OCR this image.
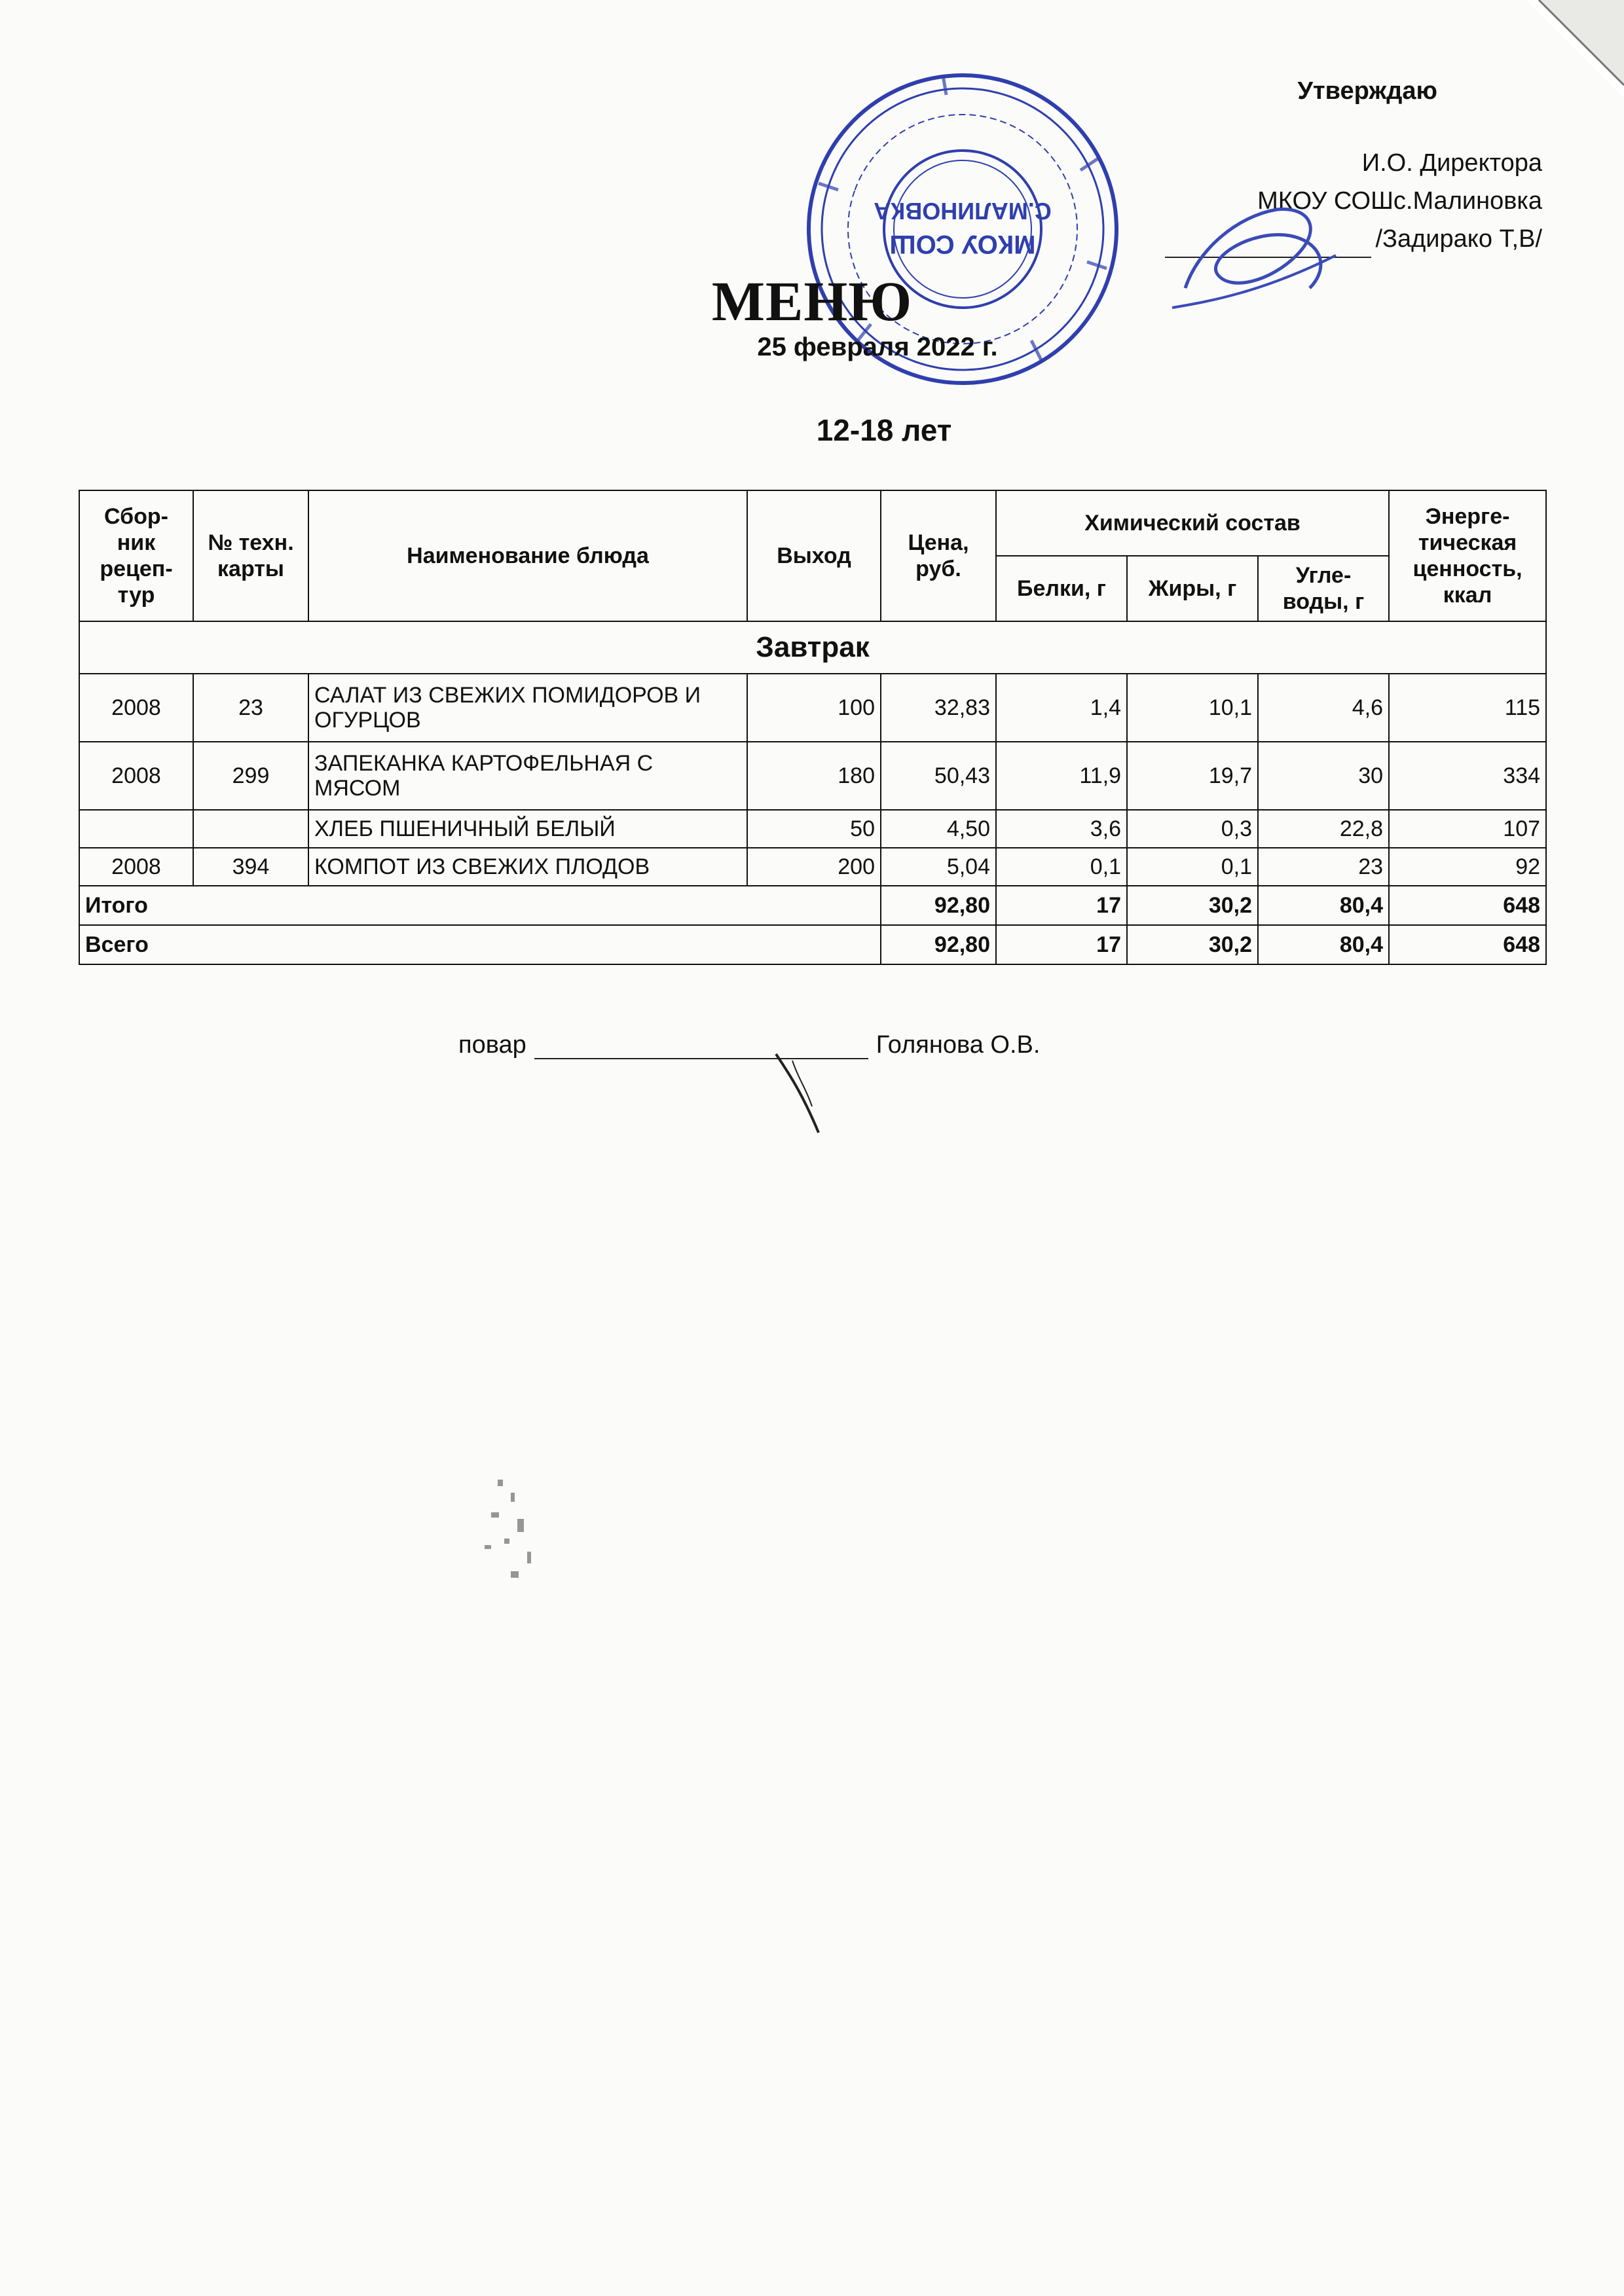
МКОУ СОШ
С.МАЛИНОВКА
Утверждаю
И.О. Директора
МКОУ СОШс.Малиновка
/Задирако Т,В/
МЕНЮ
25 февраля 2022 г.
12-18 лет
Сбор-ник рецеп-тур	№ техн. карты	Наименование блюда	Выход	Цена, руб.	Химический состав			Энерге-тическая ценность, ккал
					Белки, г	Жиры, г	Угле-воды, г	
Завтрак								
2008	23	САЛАТ ИЗ СВЕЖИХ ПОМИДОРОВ И ОГУРЦОВ	100	32,83	1,4	10,1	4,6	115
2008	299	ЗАПЕКАНКА КАРТОФЕЛЬНАЯ С МЯСОМ	180	50,43	11,9	19,7	30	334
		ХЛЕБ ПШЕНИЧНЫЙ БЕЛЫЙ	50	4,50	3,6	0,3	22,8	107
2008	394	КОМПОТ ИЗ СВЕЖИХ ПЛОДОВ	200	5,04	0,1	0,1	23	92
Итого				92,80	17	30,2	80,4	648
Всего				92,80	17	30,2	80,4	648
повар	Голянова О.В.
